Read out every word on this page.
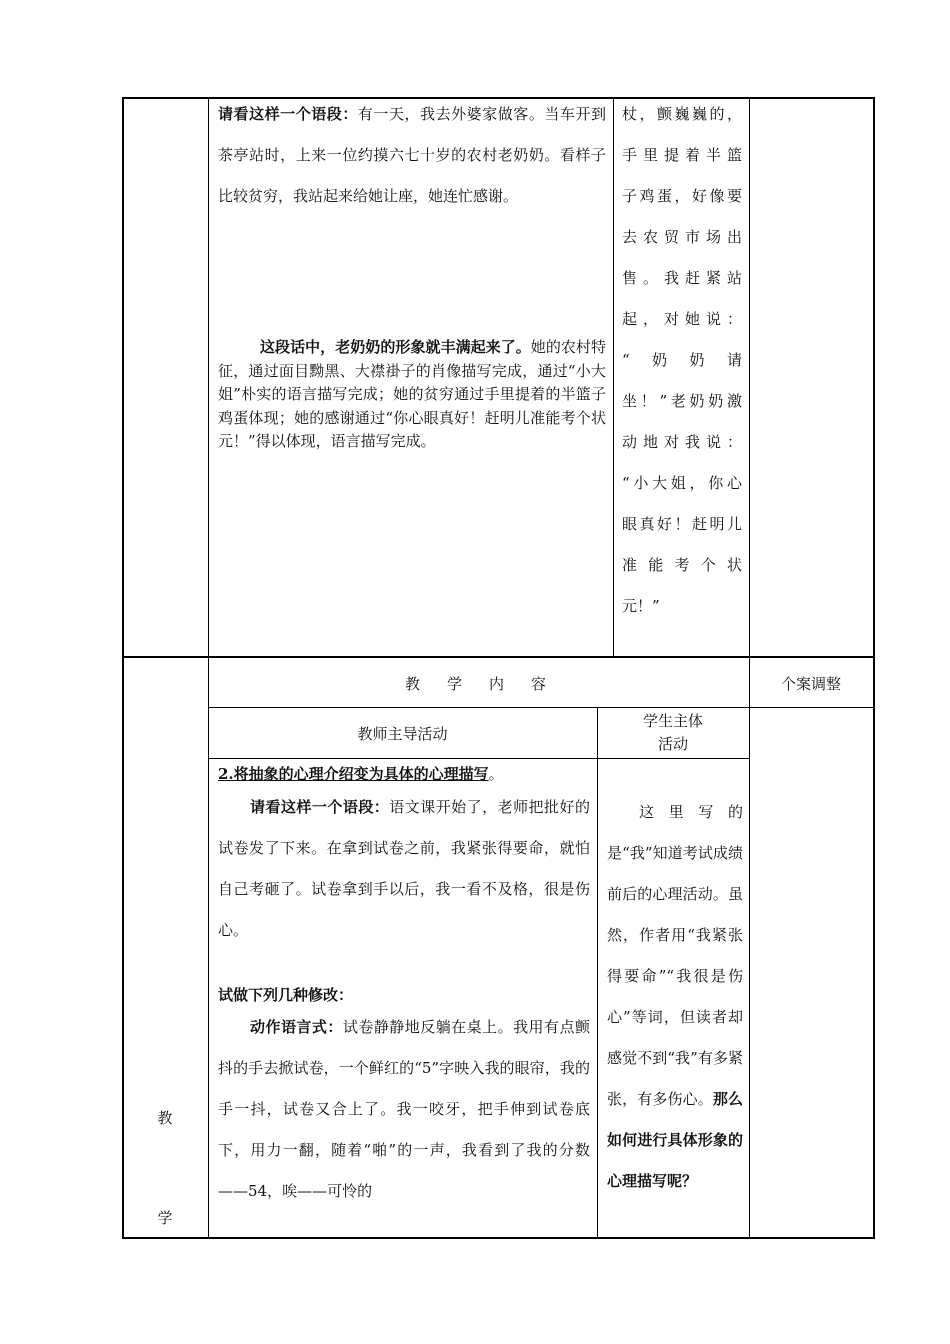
请看这样一个语段：有一天，我去外婆家做客。当车开到茶亭站时，上来一位约摸六七十岁的农村老奶奶。看样子比较贫穷，我站起来给她让座，她连忙感谢。
这段话中，老奶奶的形象就丰满起来了。她的农村特征，通过面目黝黑、大襟褂子的肖像描写完成，通过“小大姐”朴实的语言描写完成；她的贫穷通过手里提着的半篮子鸡蛋体现；她的感谢通过“你心眼真好！赶明儿准能考个状元！”得以体现，语言描写完成。
杖，颤巍巍的，
手里提着半篮
子鸡蛋，好像要
去农贸市场出
售。我赶紧站
起，对她说：
“奶奶请
坐！”老奶奶激
动地对我说：
“小大姐，你心
眼真好！赶明儿
准能考个状
元！”
教
学
教　学　内　容	个案调整
教师主导活动
学生主体
活动
2.将抽象的心理介绍变为具体的心理描写。
请看这样一个语段：语文课开始了，老师把批好的试卷发了下来。在拿到试卷之前，我紧张得要命，就怕自己考砸了。试卷拿到手以后，我一看不及格，很是伤心。
试做下列几种修改：
动作语言式：试卷静静地反躺在桌上。我用有点颤抖的手去掀试卷，一个鲜红的“5”字映入我的眼帘，我的手一抖，试卷又合上了。我一咬牙，把手伸到试卷底下，用力一翻，随着“啪”的一声，我看到了我的分数——54，唉——可怜的
这里写的是“我”知道考试成绩前后的心理活动。虽然，作者用“我紧张得要命”“我很是伤心”等词，但读者却感觉不到“我”有多紧张，有多伤心。那么如何进行具体形象的心理描写呢？
